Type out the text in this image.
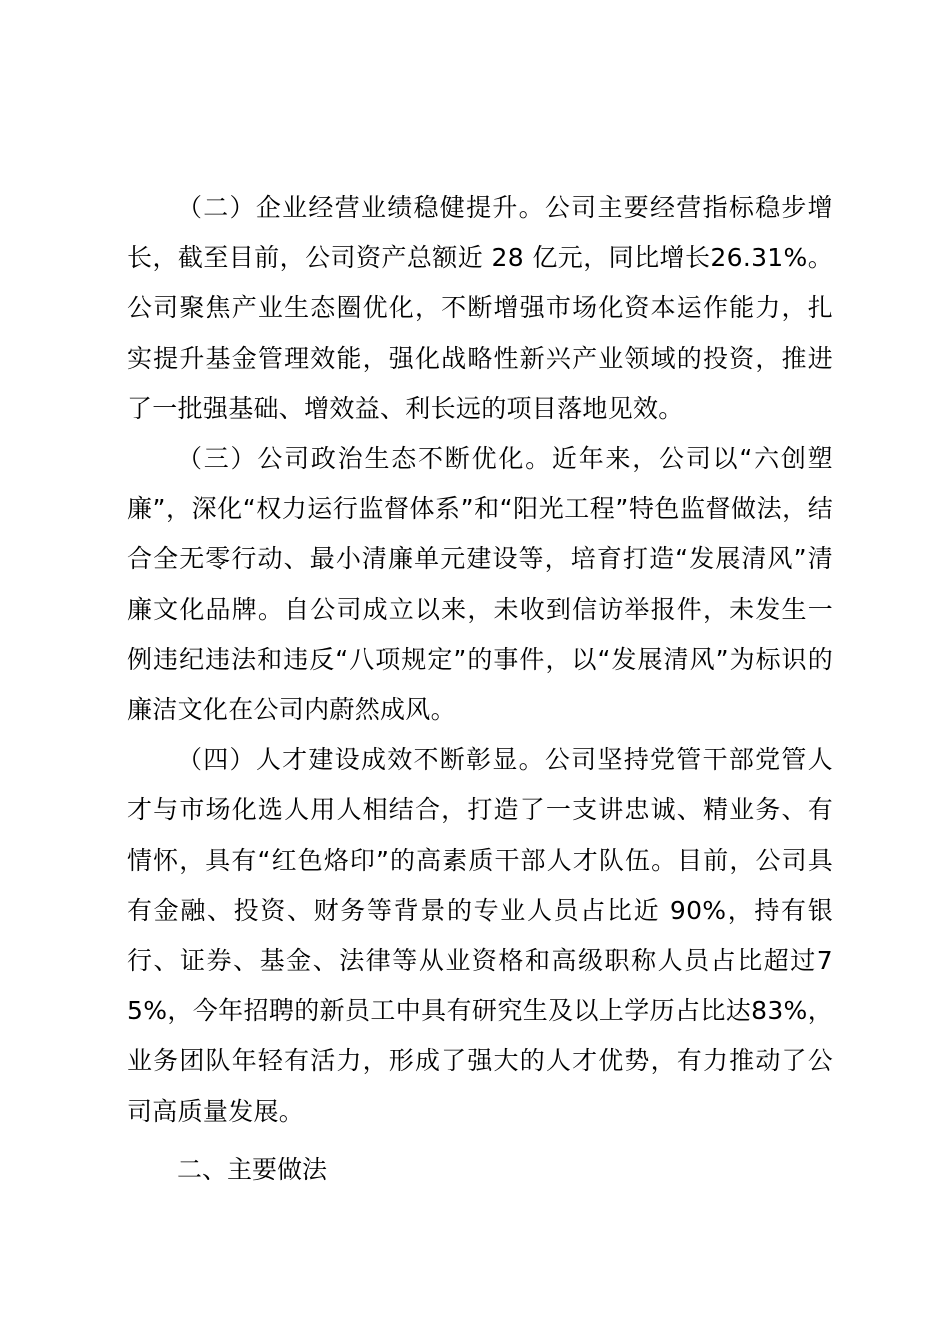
（二）企业经营业绩稳健提升。公司主要经营指标稳步增长，截至目前，公司资产总额近 28 亿元，同比增长26.31%。公司聚焦产业生态圈优化，不断增强市场化资本运作能力，扎实提升基金管理效能，强化战略性新兴产业领域的投资，推进了一批强基础、增效益、利长远的项目落地见效。

（三）公司政治生态不断优化。近年来，公司以“六创塑廉”，深化“权力运行监督体系”和“阳光工程”特色监督做法，结合全无零行动、最小清廉单元建设等，培育打造“发展清风”清廉文化品牌。自公司成立以来，未收到信访举报件，未发生一例违纪违法和违反“八项规定”的事件，以“发展清风”为标识的廉洁文化在公司内蔚然成风。

（四）人才建设成效不断彰显。公司坚持党管干部党管人才与市场化选人用人相结合，打造了一支讲忠诚、精业务、有情怀，具有“红色烙印”的高素质干部人才队伍。目前，公司具有金融、投资、财务等背景的专业人员占比近 90%，持有银行、证券、基金、法律等从业资格和高级职称人员占比超过75%，今年招聘的新员工中具有研究生及以上学历占比达83%，业务团队年轻有活力，形成了强大的人才优势，有力推动了公司高质量发展。

二、主要做法
